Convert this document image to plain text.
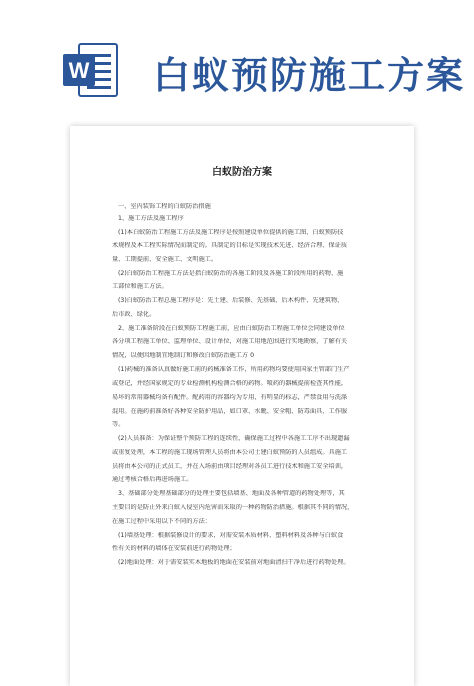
W 白蚁预防施工方案
白蚁防治方案
一、室内装饰工程的白蚁防治措施
1、施工方法及施工程序
(1)本白蚁防治工程施工方法及施工程序是按照建设单位提供的施工图、白蚁预防技
术规程及本工程实际情况而制定的。具制定的目标是实现技术先进、经济合理、保证质
量、工期提前、安全施工、文明施工。
(2)白蚁防治工程施工方法是指白蚁防治的各施工阶段及各施工阶段所用的药物、施
工部位和施工方法。
(3)白蚁防治工程总施工程序是：先土建、后装修、先基础、后木构件、先建筑物、
后市政、绿化。
2、施工准备阶段在白蚁预防工程施工前，应由白蚁防治工程施工单位会同建设单位
各分项工程施工单位、监理单位、设计单位，对施工用地范围进行实地勘察，了解有关
情况，以便因地制宜地制订和修改白蚁防治施工方 0
(1)药械的准备认真做好施工前的药械准备工作，所用药物均要使用国家主管部门生产
或登记，并经国家规定的专业检测机构检测合格的药物。喷药的器械提前检查其性能，
易坏的常用器械均备有配件。配药用的容器均为专用，有明显的标志，严禁食用与洗涤
混用。在施药前准备好各种安全防护用品，如口罩、水靴、安全帽、防毒面具、工作服
等。
(2)人员准备：为保证整个预防工程的连续性，确保施工过程中各施工工序不出现遗漏
或重复处理，本工程的施工现场管理人员将由本公司土建白蚁预防的人员组成。具施工
员将由本公司的正式员工，并在入场前由项目经理对各员工进行技术和施工安全培训，
通过考核合格后再进场施工。
3、基础部分处理基础部分的处理主要包括墙基、地面及各种管道的药物处理等，其
主要目的是防止外来白蚁入侵室内危害而采取的一种药物防治措施。根据其不同的情况，
在施工过程中采用以下不同的方法：
(1)墙基处理：根据装修设计的要求，对需安装木质材料、塑料材料及各种与白蚁食
性有关的材料的墙体在安装前进行药物处理；
(2)地面处理：对于需安装实木地板的地面在安装前对地面清扫干净后进行药物处理。
